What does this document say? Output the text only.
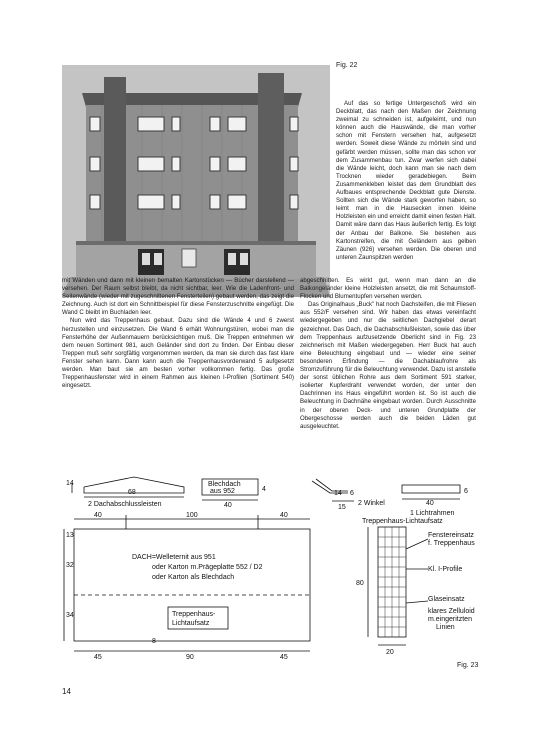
Fig. 22

Auf das so fertige Untergeschoß wird ein Deckblatt, das nach den Maßen der Zeichnung zweimal zu schneiden ist, aufgeleimt, und nun können auch die Hauswände, die man vorher schon mit Fenstern versehen hat, aufgesetzt werden. Soweit diese Wände zu mörteln sind und gefärbt werden müssen, sollte man das schon vor dem Zusammenbau tun. Zwar werfen sich dabei die Wände leicht, doch kann man sie nach dem Trocknen wieder geradebiegen. Beim Zusammenkleben leistet das dem Grundblatt des Aufbaues entsprechende Deckblatt gute Dienste. Sollten sich die Wände stark geworfen haben, so leimt man in die Hausecken innen kleine Holzleisten ein und erreicht damit einen festen Halt. Damit wäre dann das Haus äußerlich fertig. Es folgt der Anbau der Balkone. Sie bestehen aus Kartonstreifen, die mit Geländern aus gelben Zäunen (926) versehen werden. Die oberen und unteren Zaunspitzen werden

mit Wänden und dann mit kleinen bemalten Kartonstücken — Bücher darstellend — versehen. Der Raum selbst bleibt, da nicht sichtbar, leer. Wie die Ladenfront- und Seitenwände (wieder mit zugeschnittenen Fensterteilen) gebaut werden, das zeigt die Zeichnung. Auch ist dort ein Schnittbeispiel für diese Fensterzuschnitte eingefügt. Die Wand C bleibt im Buchladen leer.

Nun wird das Treppenhaus gebaut. Dazu sind die Wände 4 und 6 zwerst herzustellen und einzusetzen. Die Wand 6 erhält Wohnungstüren, wobei man die Fensterhöhe der Außenmauern berücksichtigen muß. Die Treppen entnehmen wir dem neuen Sortiment 981, auch Geländer sind dort zu finden. Der Einbau dieser Treppen muß sehr sorgfältig vorgenommen werden, da man sie durch das fast klare Fenster sehen kann. Dann kann auch die Treppenhausvorderwand 5 aufgesetzt werden. Man baut sie am besten vorher vollkommen fertig. Das große Treppenhausfenster wird in einem Rahmen aus kleinen I-Profilen (Sortiment 540) eingesetzt.

abgeschnitten. Es wirkt gut, wenn man dann an die Balkongeländer kleine Holzleisten ansetzt, die mit Schaumstoff-Flocken und Blumentupfen versehen werden.

Das Originalhaus „Buck" hat noch Dachsteifen, die mit Fliesen aus 552/F versehen sind. Wir haben das etwas vereinfacht wiedergegeben und nur die seitlichen Dachgiebel derart gezeichnet. Das Dach, die Dachabschlußleisten, sowie das über dem Treppenhaus aufzusetzende Oberlicht sind in Fig. 23 zeichnerisch mit Maßen wiedergegeben. Herr Buck hat auch eine Beleuchtung eingebaut und — wieder eine seiner besonderen Erfindung — die Dachablaufrohre als Stromzuführung für die Beleuchtung verwendet. Dazu ist anstelle der sonst üblichen Rohre aus dem Sortiment 591 starker, isolierter Kupferdraht verwendet worden, der unter den Dachrinnen ins Haus eingeführt worden ist. So ist auch die Beleuchtung in Dachnähe eingebaut worden. Durch Ausschnitte in der oberen Deck- und unteren Grundplatte der Obergeschosse werden auch die beiden Läden gut ausgeleuchtet.

14
68
2 Dachabschlussleisten
Blechdach
aus 952	4
40
14 6
15
2 Winkel	40
6
1 Lichtrahmen
Treppenhaus-Lichtaufsatz
40	100	40
13
32
34
DACH=Welleternit aus 951
oder Karton m.Prägeplatte 552 / D2
oder Karton als Blechdach
Treppenhaus-
Lichtaufsatz
8
45	90	45
Fenstereinsatz
f. Treppenhaus
Kl. I-Profile
80
Glaseinsatz
klares Zelluloid
m.eingeritzten
Linien
20
Fig. 23
14
